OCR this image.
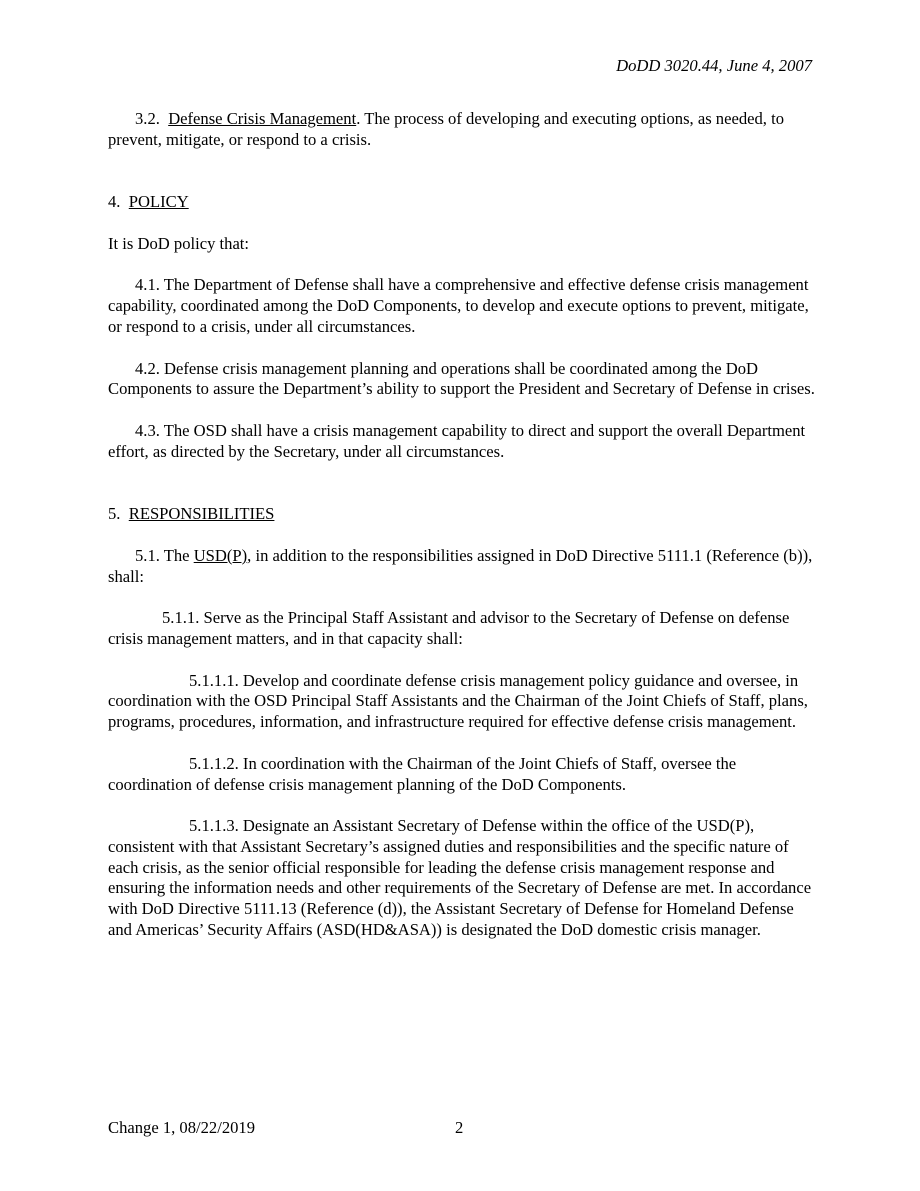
DoDD 3020.44, June 4, 2007

3.2. Defense Crisis Management. The process of developing and executing options, as needed, to prevent, mitigate, or respond to a crisis.

4. POLICY

It is DoD policy that:

4.1. The Department of Defense shall have a comprehensive and effective defense crisis management capability, coordinated among the DoD Components, to develop and execute options to prevent, mitigate, or respond to a crisis, under all circumstances.

4.2. Defense crisis management planning and operations shall be coordinated among the DoD Components to assure the Department’s ability to support the President and Secretary of Defense in crises.

4.3. The OSD shall have a crisis management capability to direct and support the overall Department effort, as directed by the Secretary, under all circumstances.

5. RESPONSIBILITIES

5.1. The USD(P), in addition to the responsibilities assigned in DoD Directive 5111.1 (Reference (b)), shall:

5.1.1. Serve as the Principal Staff Assistant and advisor to the Secretary of Defense on defense crisis management matters, and in that capacity shall:

5.1.1.1. Develop and coordinate defense crisis management policy guidance and oversee, in coordination with the OSD Principal Staff Assistants and the Chairman of the Joint Chiefs of Staff, plans, programs, procedures, information, and infrastructure required for effective defense crisis management.

5.1.1.2. In coordination with the Chairman of the Joint Chiefs of Staff, oversee the coordination of defense crisis management planning of the DoD Components.

5.1.1.3. Designate an Assistant Secretary of Defense within the office of the USD(P), consistent with that Assistant Secretary’s assigned duties and responsibilities and the specific nature of each crisis, as the senior official responsible for leading the defense crisis management response and ensuring the information needs and other requirements of the Secretary of Defense are met. In accordance with DoD Directive 5111.13 (Reference (d)), the Assistant Secretary of Defense for Homeland Defense and Americas’ Security Affairs (ASD(HD&ASA)) is designated the DoD domestic crisis manager.

Change 1, 08/22/2019	2
